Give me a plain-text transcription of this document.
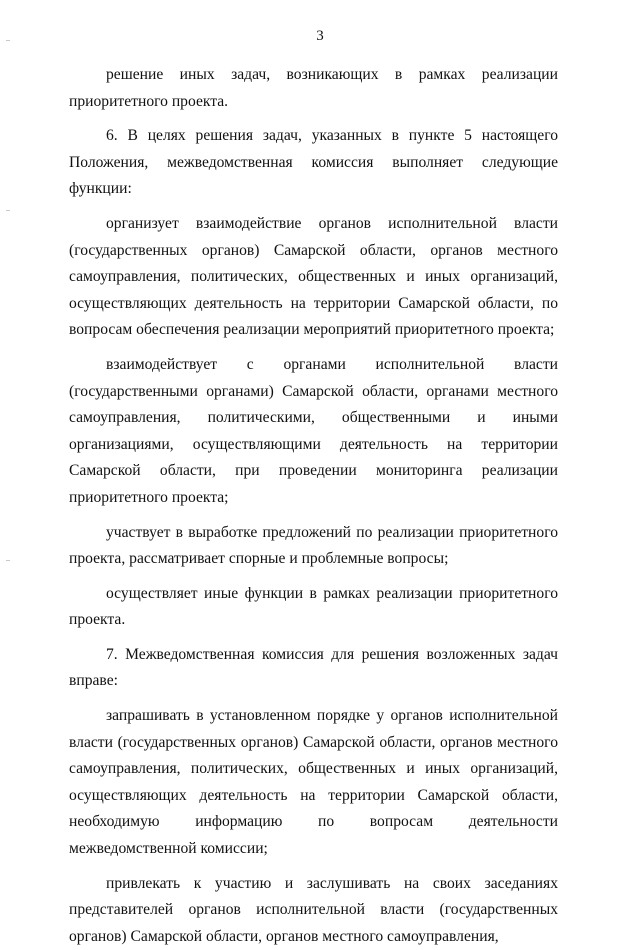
3

решение иных задач, возникающих в рамках реализации приоритетного проекта.

6. В целях решения задач, указанных в пункте 5 настоящего Положения, межведомственная комиссия выполняет следующие функции:

организует взаимодействие органов исполнительной власти (государственных органов) Самарской области, органов местного самоуправления, политических, общественных и иных организаций, осуществляющих деятельность на территории Самарской области, по вопросам обеспечения реализации мероприятий приоритетного проекта;

взаимодействует с органами исполнительной власти (государственными органами) Самарской области, органами местного самоуправления, политическими, общественными и иными организациями, осуществляющими деятельность на территории Самарской области, при проведении мониторинга реализации приоритетного проекта;

участвует в выработке предложений по реализации приоритетного проекта, рассматривает спорные и проблемные вопросы;

осуществляет иные функции в рамках реализации приоритетного проекта.

7. Межведомственная комиссия для решения возложенных задач вправе:

запрашивать в установленном порядке у органов исполнительной власти (государственных органов) Самарской области, органов местного самоуправления, политических, общественных и иных организаций, осуществляющих деятельность на территории Самарской области, необходимую информацию по вопросам деятельности межведомственной комиссии;

привлекать к участию и заслушивать на своих заседаниях представителей органов исполнительной власти (государственных органов) Самарской области, органов местного самоуправления,
